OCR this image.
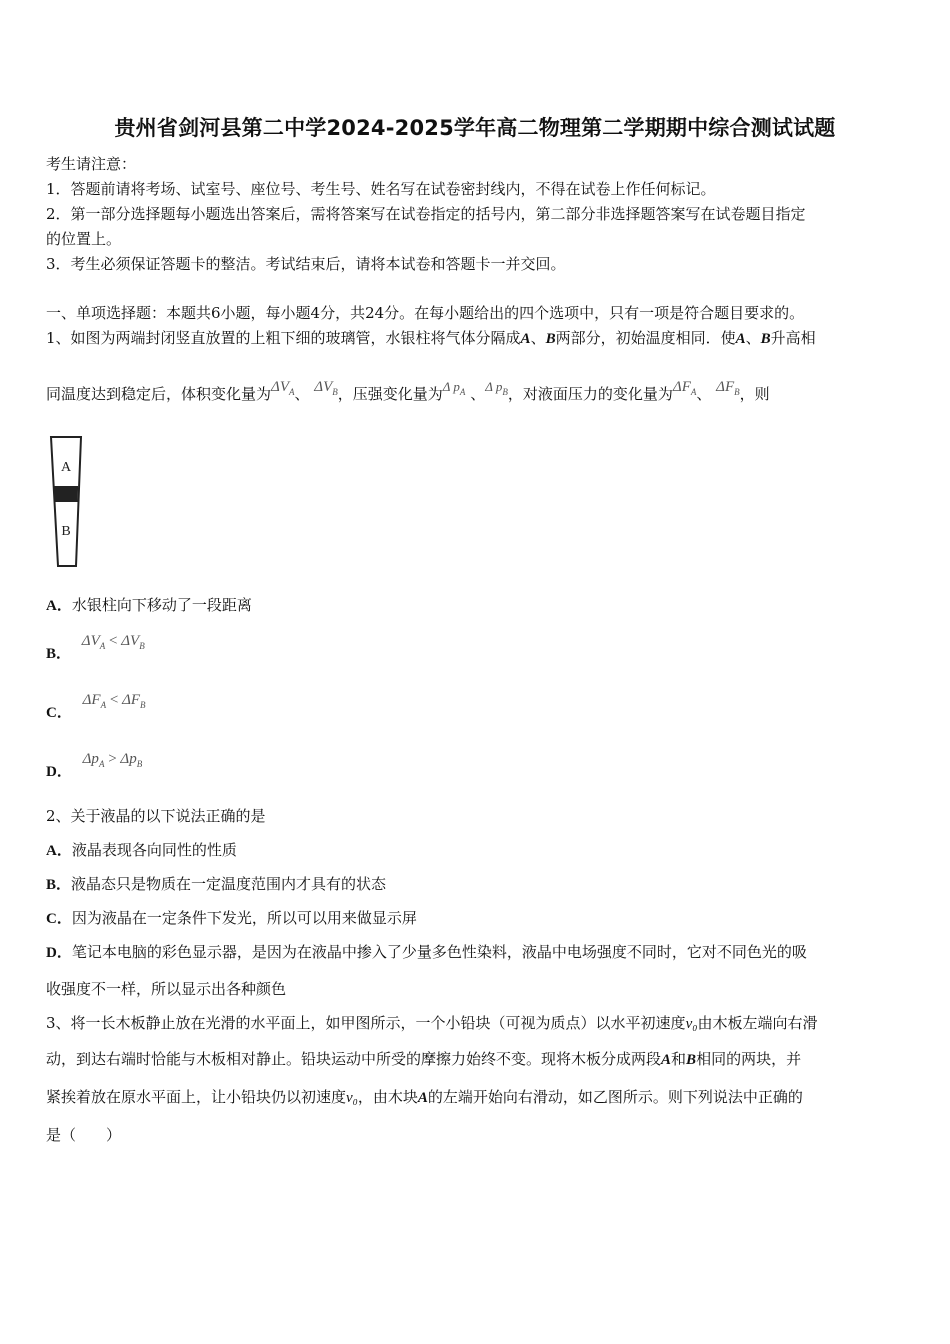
贵州省剑河县第二中学2024-2025学年高二物理第二学期期中综合测试试题
考生请注意：
1．答题前请将考场、试室号、座位号、考生号、姓名写在试卷密封线内，不得在试卷上作任何标记。
2．第一部分选择题每小题选出答案后，需将答案写在试卷指定的括号内，第二部分非选择题答案写在试卷题目指定
的位置上。
3．考生必须保证答题卡的整洁。考试结束后，请将本试卷和答题卡一并交回。
一、单项选择题：本题共6小题，每小题4分，共24分。在每小题给出的四个选项中，只有一项是符合题目要求的。
1、如图为两端封闭竖直放置的上粗下细的玻璃管，水银柱将气体分隔成A、B两部分，初始温度相同．使A、B升高相
同温度达到稳定后，体积变化量为$\Delta V_A$、 $\Delta V_B$，压强变化量为Δ $p_A$ 、Δ $p_B$，对液面压力的变化量为$\Delta F_A$、 $\Delta F_B$，则
A
B
A．水银柱向下移动了一段距离
B． $\Delta V_A < \Delta V_B$
C． $\Delta F_A < \Delta F_B$
D． $\Delta p_A > \Delta p_B$
2、关于液晶的以下说法正确的是
A．液晶表现各向同性的性质
B．液晶态只是物质在一定温度范围内才具有的状态
C．因为液晶在一定条件下发光，所以可以用来做显示屏
D．笔记本电脑的彩色显示器，是因为在液晶中掺入了少量多色性染料，液晶中电场强度不同时，它对不同色光的吸
收强度不一样，所以显示出各种颜色
3、将一长木板静止放在光滑的水平面上，如甲图所示，一个小铅块（可视为质点）以水平初速度v₀由木板左端向右滑
动，到达右端时恰能与木板相对静止。铅块运动中所受的摩擦力始终不变。现将木板分成两段A和B相同的两块，并
紧挨着放在原水平面上，让小铅块仍以初速度v₀，由木块A的左端开始向右滑动，如乙图所示。则下列说法中正确的
是（　　）
